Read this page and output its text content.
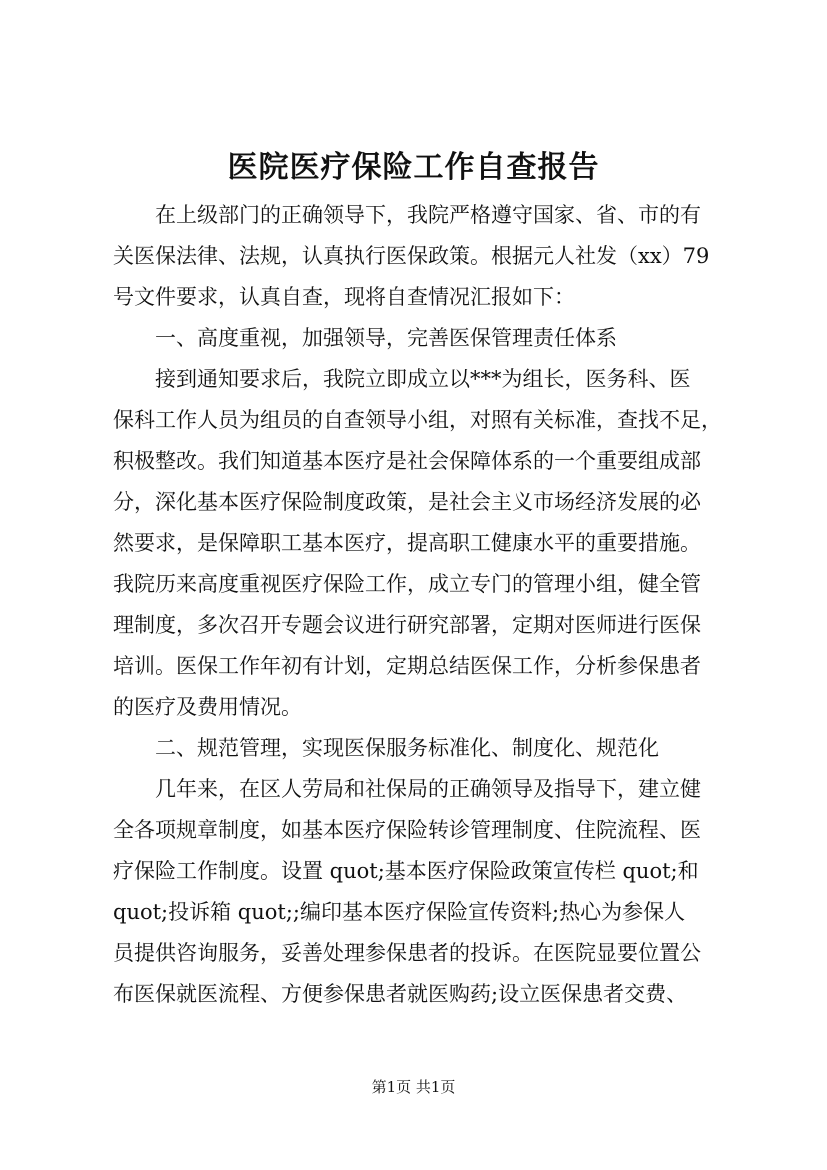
医院医疗保险工作自查报告

　　在上级部门的正确领导下，我院严格遵守国家、省、市的有

关医保法律、法规，认真执行医保政策。根据元人社发（xx）79

号文件要求，认真自查，现将自查情况汇报如下：

　　一、高度重视，加强领导，完善医保管理责任体系

　　接到通知要求后，我院立即成立以***为组长，医务科、医

保科工作人员为组员的自查领导小组，对照有关标准，查找不足，

积极整改。我们知道基本医疗是社会保障体系的一个重要组成部

分，深化基本医疗保险制度政策，是社会主义市场经济发展的必

然要求，是保障职工基本医疗，提高职工健康水平的重要措施。

我院历来高度重视医疗保险工作，成立专门的管理小组，健全管

理制度，多次召开专题会议进行研究部署，定期对医师进行医保

培训。医保工作年初有计划，定期总结医保工作，分析参保患者

的医疗及费用情况。

　　二、规范管理，实现医保服务标准化、制度化、规范化

　　几年来，在区人劳局和社保局的正确领导及指导下，建立健

全各项规章制度，如基本医疗保险转诊管理制度、住院流程、医

疗保险工作制度。设置 quot;基本医疗保险政策宣传栏 quot;和

quot;投诉箱 quot;;编印基本医疗保险宣传资料;热心为参保人

员提供咨询服务，妥善处理参保患者的投诉。在医院显要位置公

布医保就医流程、方便参保患者就医购药;设立医保患者交费、

第1页 共1页
